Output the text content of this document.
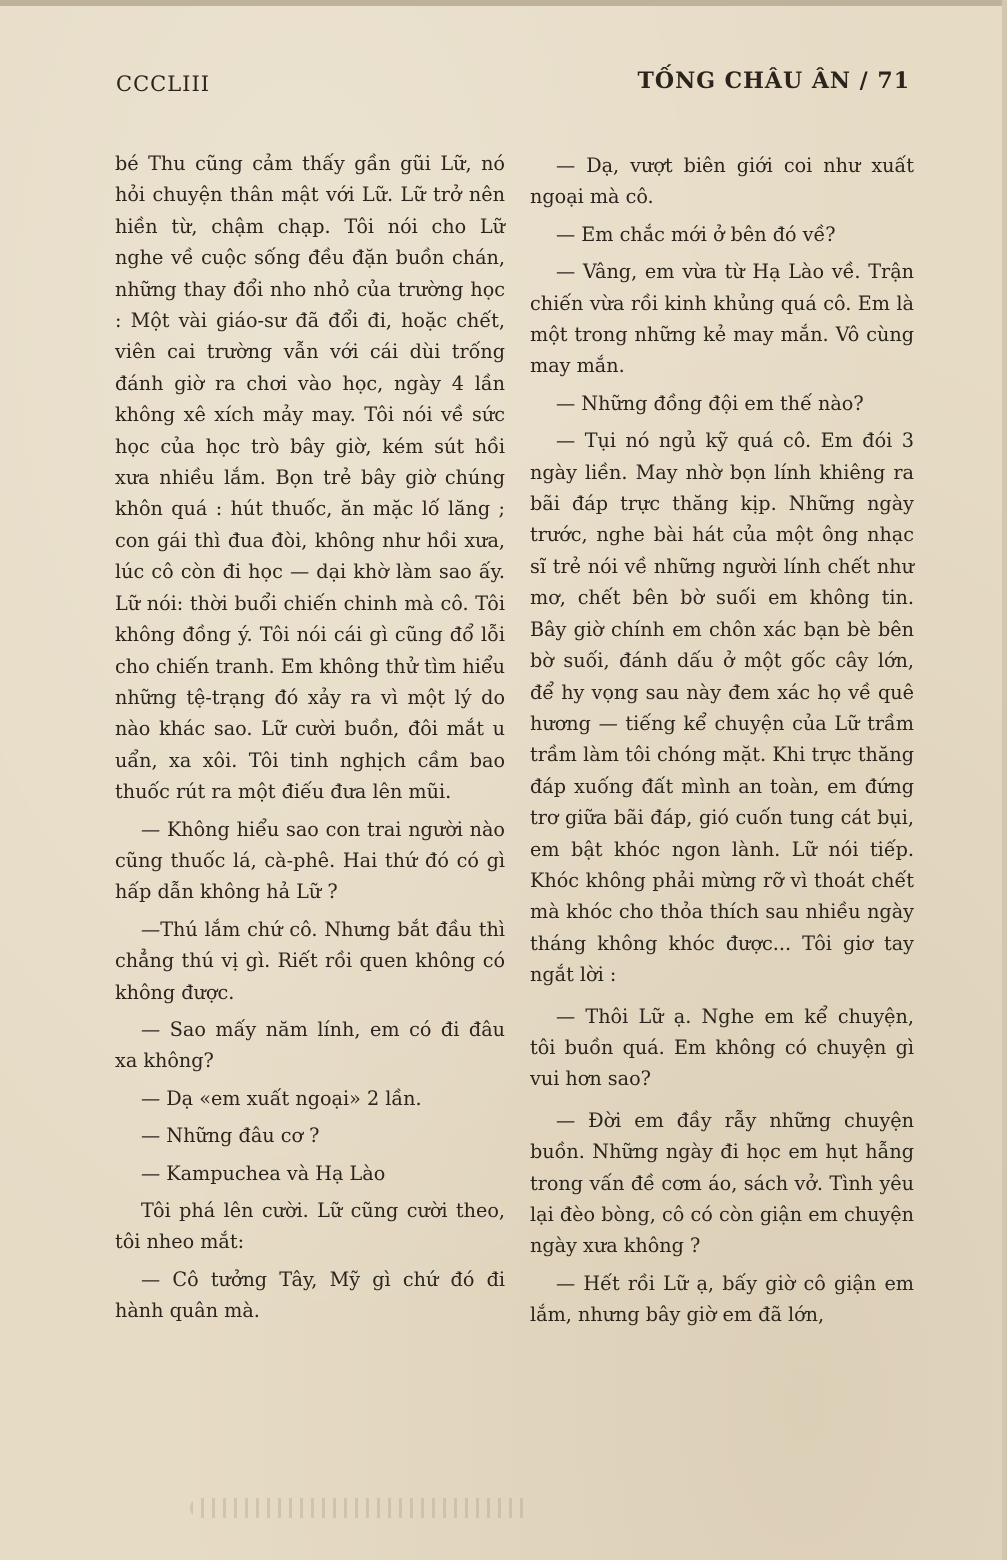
CCCLIII	TỐNG CHÂU ÂN / 71

bé Thu cũng cảm thấy gần gũi Lữ, nó hỏi chuyện thân mật với Lữ. Lữ trở nên hiền từ, chậm chạp. Tôi nói cho Lữ nghe về cuộc sống đều đặn buồn chán, những thay đổi nho nhỏ của trường học : Một vài giáo-sư đã đổi đi, hoặc chết, viên cai trường vẫn với cái dùi trống đánh giờ ra chơi vào học, ngày 4 lần không xê xích mảy may. Tôi nói về sức học của học trò bây giờ, kém sút hồi xưa nhiều lắm. Bọn trẻ bây giờ chúng khôn quá : hút thuốc, ăn mặc lố lăng ; con gái thì đua đòi, không như hồi xưa, lúc cô còn đi học — dại khờ làm sao ấy. Lữ nói: thời buổi chiến chinh mà cô. Tôi không đồng ý. Tôi nói cái gì cũng đổ lỗi cho chiến tranh. Em không thử tìm hiểu những tệ-trạng đó xảy ra vì một lý do nào khác sao. Lữ cười buồn, đôi mắt u uẩn, xa xôi. Tôi tinh nghịch cầm bao thuốc rút ra một điếu đưa lên mũi.

— Không hiểu sao con trai người nào cũng thuốc lá, cà-phê. Hai thứ đó có gì hấp dẫn không hả Lữ ?

—Thú lắm chứ cô. Nhưng bắt đầu thì chẳng thú vị gì. Riết rồi quen không có không được.

— Sao mấy năm lính, em có đi đâu xa không?

— Dạ «em xuất ngoại» 2 lần.

— Những đâu cơ ?

— Kampuchea và Hạ Lào

Tôi phá lên cười. Lữ cũng cười theo, tôi nheo mắt:

— Cô tưởng Tây, Mỹ gì chứ đó đi hành quân mà.

— Dạ, vượt biên giới coi như xuất ngoại mà cô.

— Em chắc mới ở bên đó về?

— Vâng, em vừa từ Hạ Lào về. Trận chiến vừa rồi kinh khủng quá cô. Em là một trong những kẻ may mắn. Vô cùng may mắn.

— Những đồng đội em thế nào?

— Tụi nó ngủ kỹ quá cô. Em đói 3 ngày liền. May nhờ bọn lính khiêng ra bãi đáp trực thăng kịp. Những ngày trước, nghe bài hát của một ông nhạc sĩ trẻ nói về những người lính chết như mơ, chết bên bờ suối em không tin. Bây giờ chính em chôn xác bạn bè bên bờ suối, đánh dấu ở một gốc cây lớn, để hy vọng sau này đem xác họ về quê hương — tiếng kể chuyện của Lữ trầm trầm làm tôi chóng mặt. Khi trực thăng đáp xuống đất mình an toàn, em đứng trơ giữa bãi đáp, gió cuốn tung cát bụi, em bật khóc ngon lành. Lữ nói tiếp. Khóc không phải mừng rỡ vì thoát chết mà khóc cho thỏa thích sau nhiều ngày tháng không khóc được... Tôi giơ tay ngắt lời :

— Thôi Lữ ạ. Nghe em kể chuyện, tôi buồn quá. Em không có chuyện gì vui hơn sao?

— Đời em đầy rẫy những chuyện buồn. Những ngày đi học em hụt hẫng trong vấn đề cơm áo, sách vở. Tình yêu lại đèo bòng, cô có còn giận em chuyện ngày xưa không ?

— Hết rồi Lữ ạ, bấy giờ cô giận em lắm, nhưng bây giờ em đã lớn,
